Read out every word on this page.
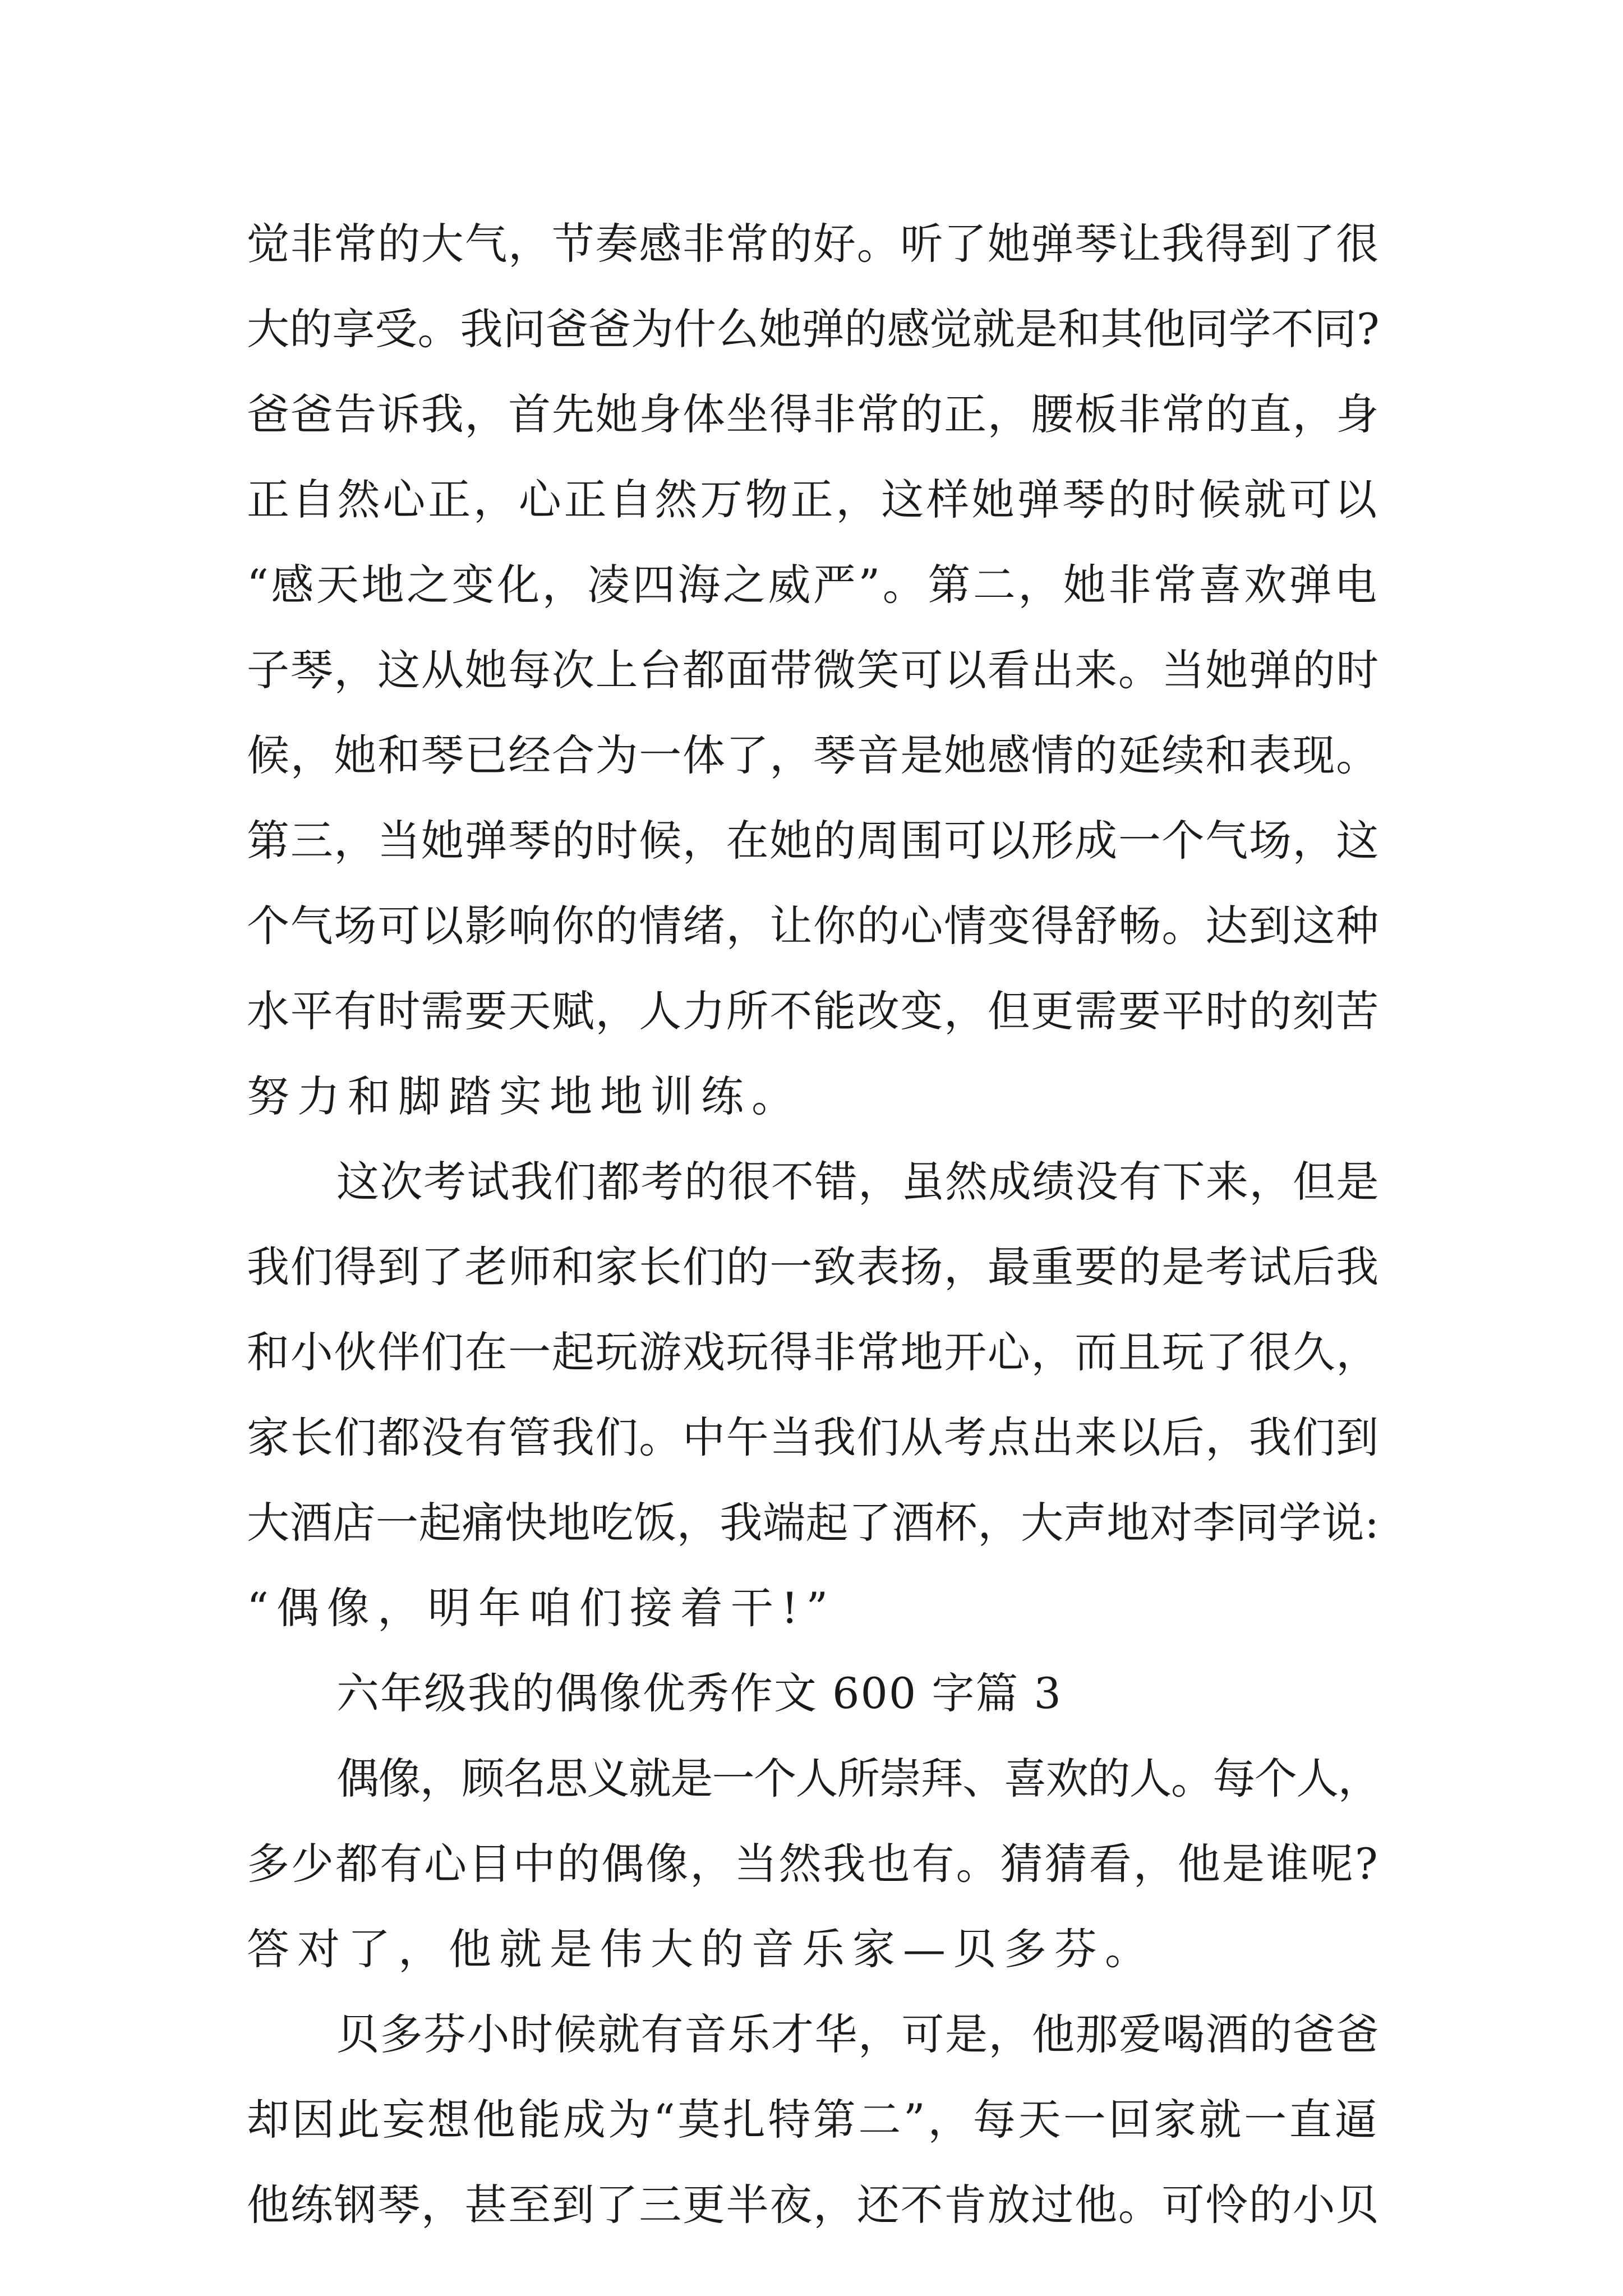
觉非常的大气，节奏感非常的好。听了她弹琴让我得到了很
大的享受。我问爸爸为什么她弹的感觉就是和其他同学不同?
爸爸告诉我，首先她身体坐得非常的正，腰板非常的直，身
正自然心正，心正自然万物正，这样她弹琴的时候就可以
“感天地之变化，凌四海之威严”。第二，她非常喜欢弹电
子琴，这从她每次上台都面带微笑可以看出来。当她弹的时
候，她和琴已经合为一体了，琴音是她感情的延续和表现。
第三，当她弹琴的时候，在她的周围可以形成一个气场，这
个气场可以影响你的情绪，让你的心情变得舒畅。达到这种
水平有时需要天赋，人力所不能改变，但更需要平时的刻苦
努力和脚踏实地地训练。
这次考试我们都考的很不错，虽然成绩没有下来，但是
我们得到了老师和家长们的一致表扬，最重要的是考试后我
和小伙伴们在一起玩游戏玩得非常地开心，而且玩了很久，
家长们都没有管我们。中午当我们从考点出来以后，我们到
大酒店一起痛快地吃饭，我端起了酒杯，大声地对李同学说:
“偶像，明年咱们接着干!”
六年级我的偶像优秀作文 600 字篇 3
偶像，顾名思义就是一个人所崇拜、喜欢的人。每个人，
多少都有心目中的偶像，当然我也有。猜猜看，他是谁呢?
答对了，他就是伟大的音乐家—贝多芬。
贝多芬小时候就有音乐才华，可是，他那爱喝酒的爸爸
却因此妄想他能成为“莫扎特第二”，每天一回家就一直逼
他练钢琴，甚至到了三更半夜，还不肯放过他。可怜的小贝
